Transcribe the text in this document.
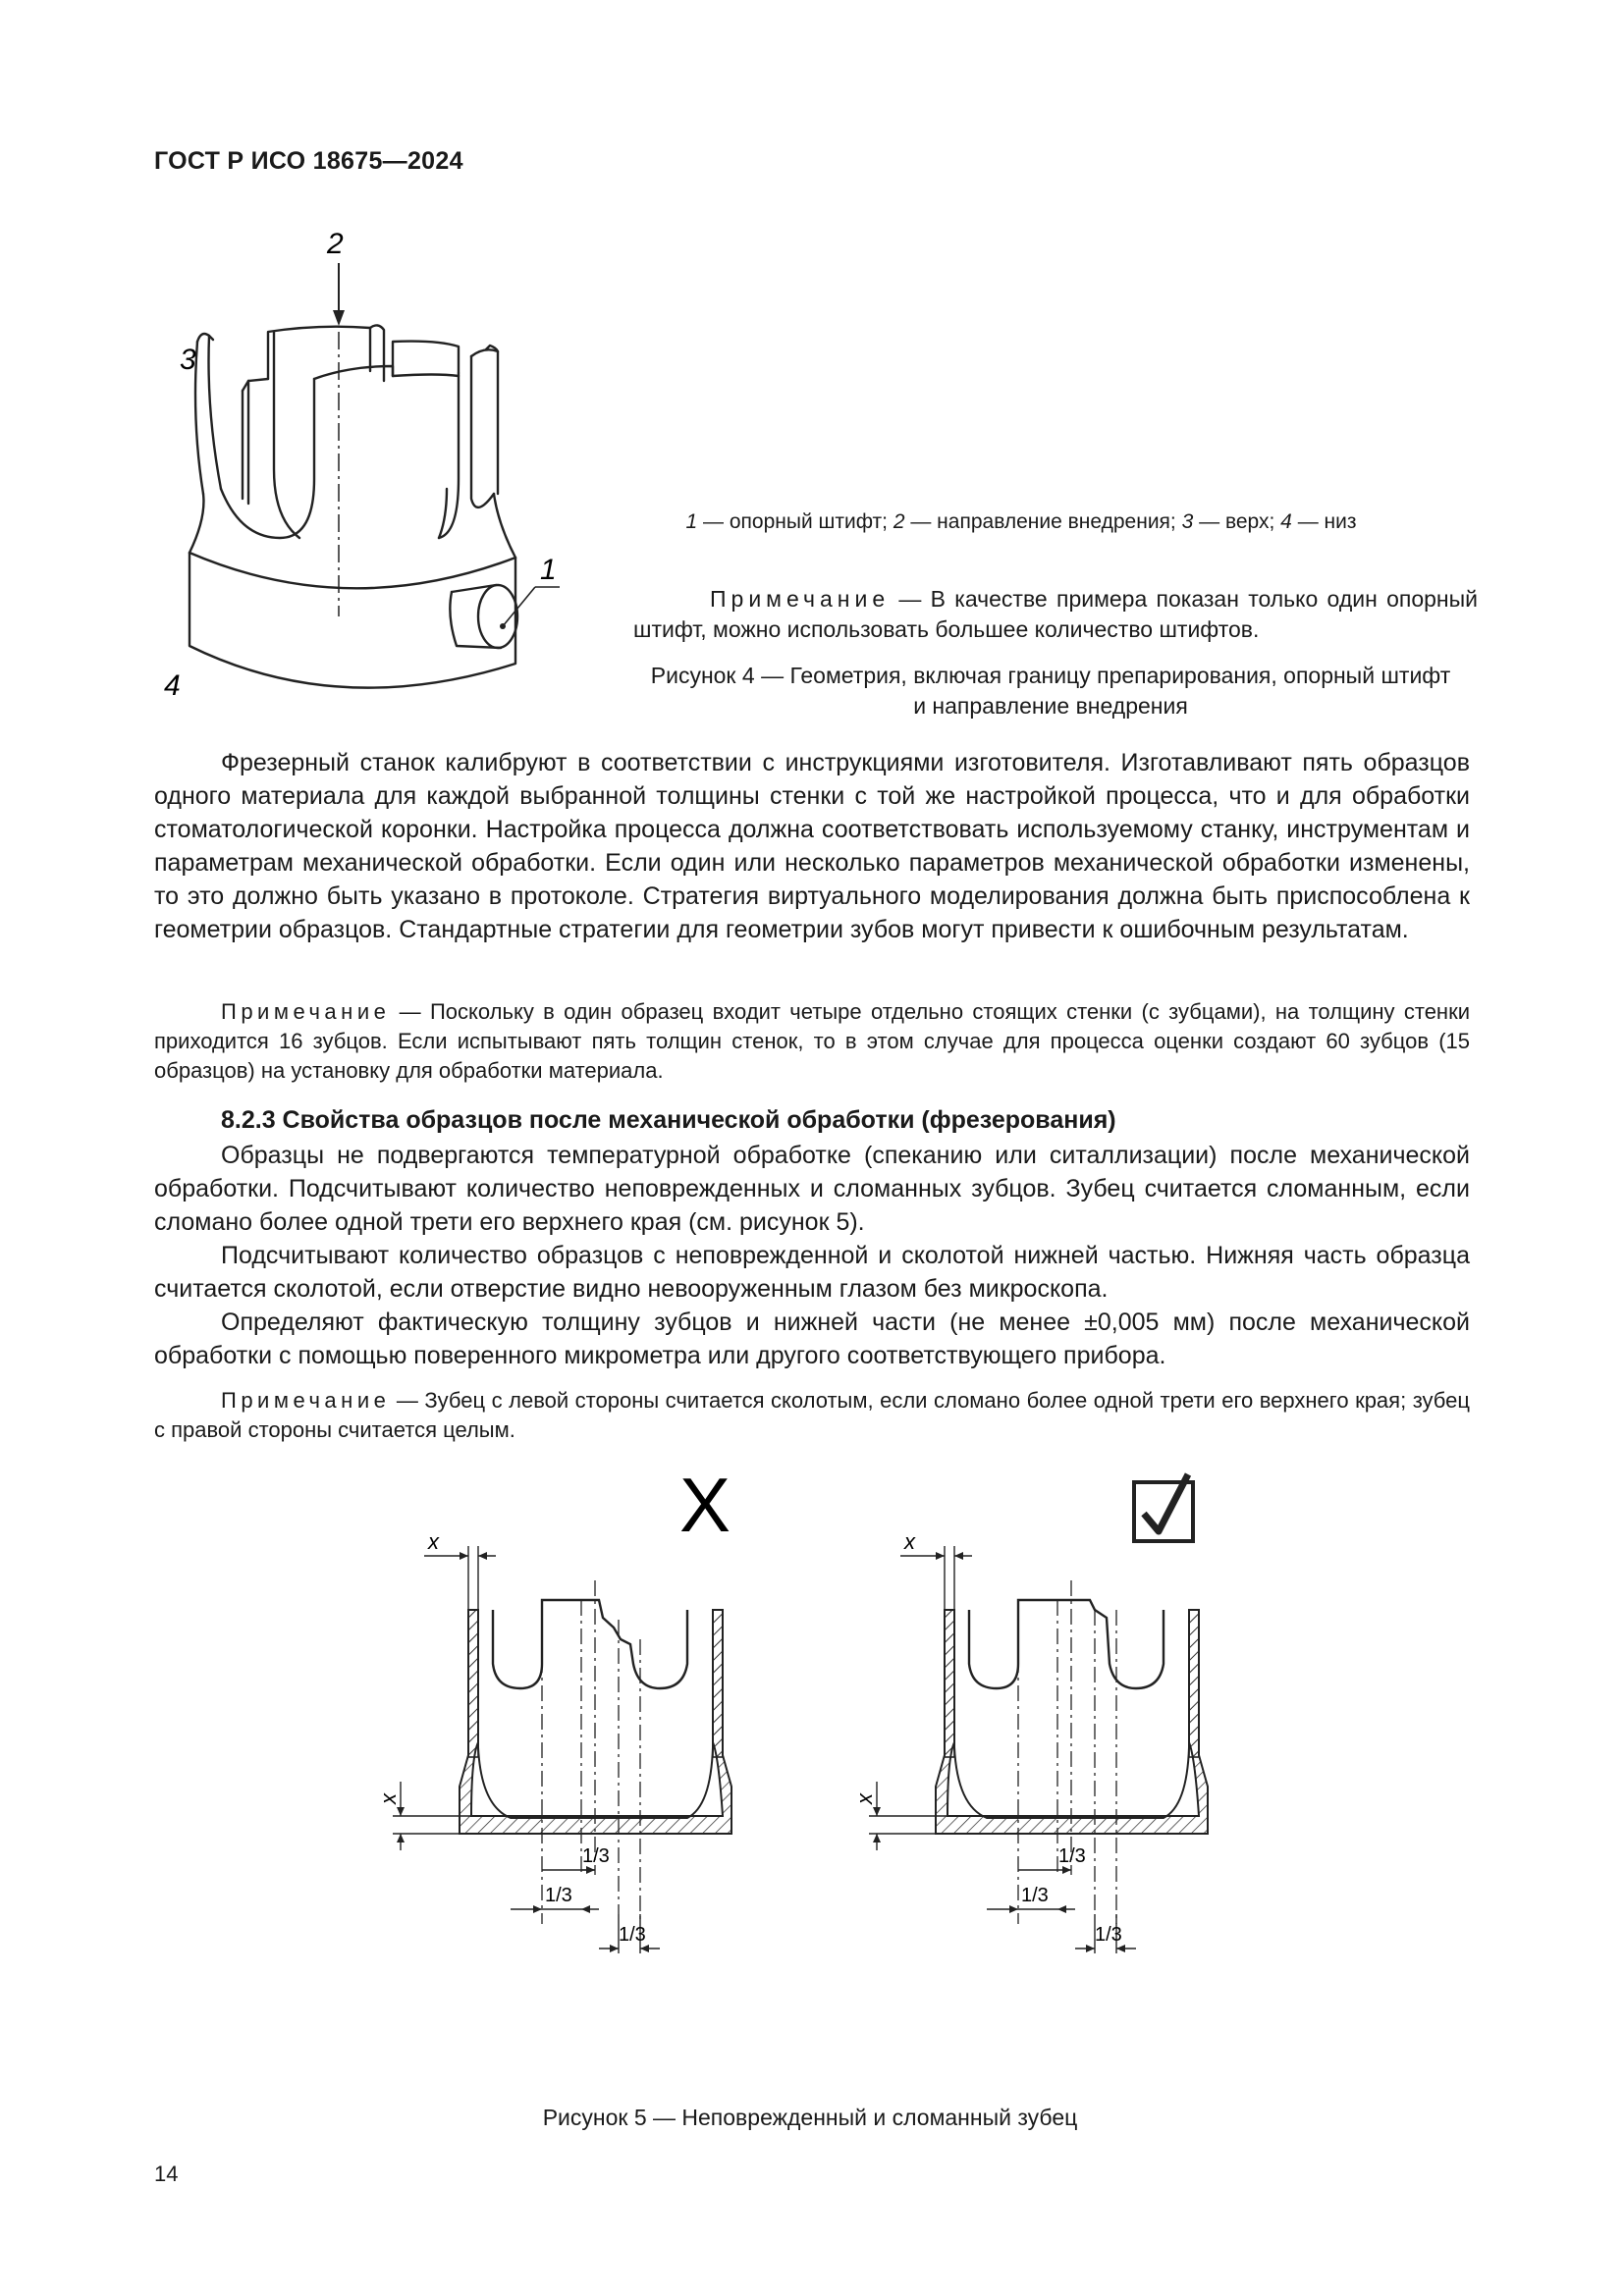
ГОСТ Р ИСО 18675—2024
2
3
1
4
1 — опорный штифт; 2 — направление внедрения; 3 — верх; 4 — низ
Примечание — В качестве примера показан только один опорный штифт, можно использовать большее количество штифтов.
Рисунок 4 — Геометрия, включая границу препарирования, опорный штифт и направление внедрения
Фрезерный станок калибруют в соответствии с инструкциями изготовителя. Изготавливают пять образцов одного материала для каждой выбранной толщины стенки с той же настройкой процесса, что и для обработки стоматологической коронки. Настройка процесса должна соответствовать используемому станку, инструментам и параметрам механической обработки. Если один или несколько параметров механической обработки изменены, то это должно быть указано в протоколе. Стратегия виртуального моделирования должна быть приспособлена к геометрии образцов. Стандартные стратегии для геометрии зубов могут привести к ошибочным результатам.
Примечание — Поскольку в один образец входит четыре отдельно стоящих стенки (с зубцами), на толщину стенки приходится 16 зубцов. Если испытывают пять толщин стенок, то в этом случае для процесса оценки создают 60 зубцов (15 образцов) на установку для обработки материала.
8.2.3 Свойства образцов после механической обработки (фрезерования)
Образцы не подвергаются температурной обработке (спеканию или ситаллизации) после механической обработки. Подсчитывают количество неповрежденных и сломанных зубцов. Зубец считается сломанным, если сломано более одной трети его верхнего края (см. рисунок 5).
Подсчитывают количество образцов с неповрежденной и сколотой нижней частью. Нижняя часть образца считается сколотой, если отверстие видно невооруженным глазом без микроскопа.
Определяют фактическую толщину зубцов и нижней части (не менее ±0,005 мм) после механической обработки с помощью поверенного микрометра или другого соответствующего прибора.
Примечание — Зубец с левой стороны считается сколотым, если сломано более одной трети его верхнего края; зубец с правой стороны считается целым.
X
x
x
1/3
1/3
1/3
x
x
1/3
1/3
1/3
Рисунок 5 — Неповрежденный и сломанный зубец
14
